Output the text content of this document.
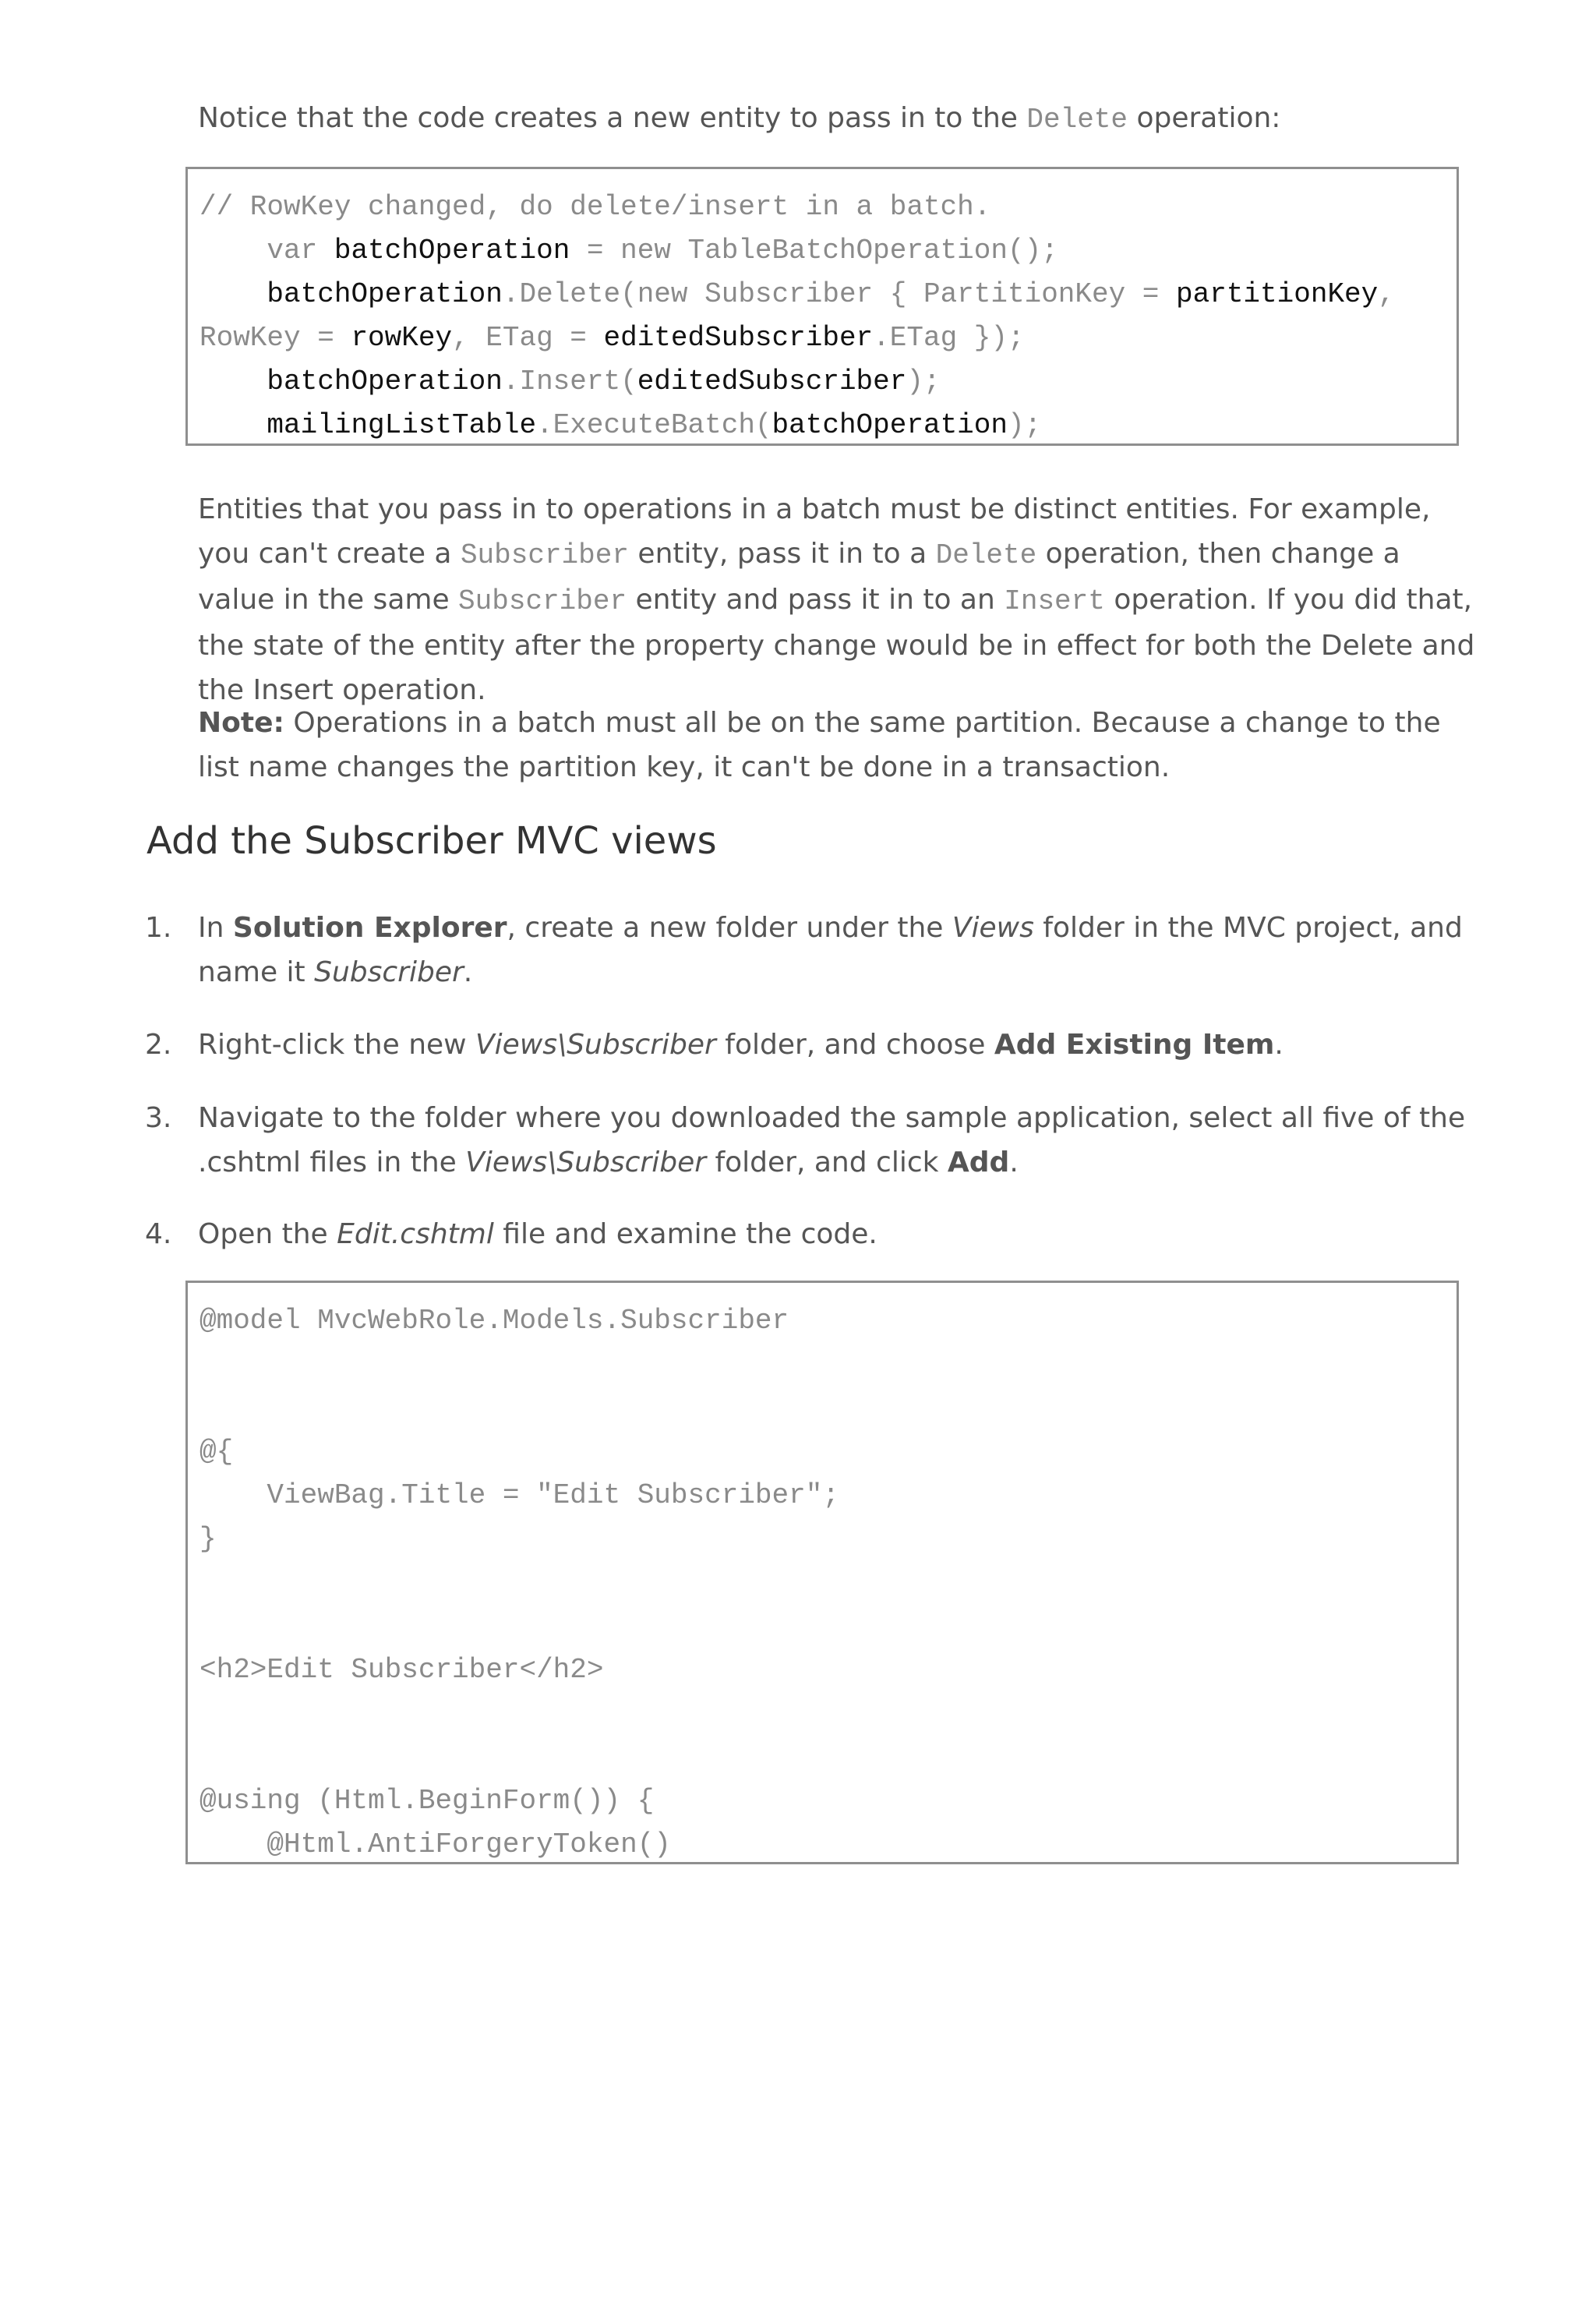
Notice that the code creates a new entity to pass in to the Delete operation:

// RowKey changed, do delete/insert in a batch.
var batchOperation = new TableBatchOperation();
batchOperation.Delete(new Subscriber { PartitionKey = partitionKey,
RowKey = rowKey, ETag = editedSubscriber.ETag });
batchOperation.Insert(editedSubscriber);
mailingListTable.ExecuteBatch(batchOperation);

Entities that you pass in to operations in a batch must be distinct entities. For example, you can't create a Subscriber entity, pass it in to a Delete operation, then change a value in the same Subscriber entity and pass it in to an Insert operation. If you did that, the state of the entity after the property change would be in effect for both the Delete and the Insert operation.

Note: Operations in a batch must all be on the same partition. Because a change to the list name changes the partition key, it can't be done in a transaction.

Add the Subscriber MVC views
1. In Solution Explorer, create a new folder under the Views folder in the MVC project, and name it Subscriber.
2. Right-click the new Views\Subscriber folder, and choose Add Existing Item.
3. Navigate to the folder where you downloaded the sample application, select all five of the .cshtml files in the Views\Subscriber folder, and click Add.
4. Open the Edit.cshtml file and examine the code.
@model MvcWebRole.Models.Subscriber
@{
ViewBag.Title = "Edit Subscriber";
}
<h2>Edit Subscriber</h2>
@using (Html.BeginForm()) {
@Html.AntiForgeryToken()
